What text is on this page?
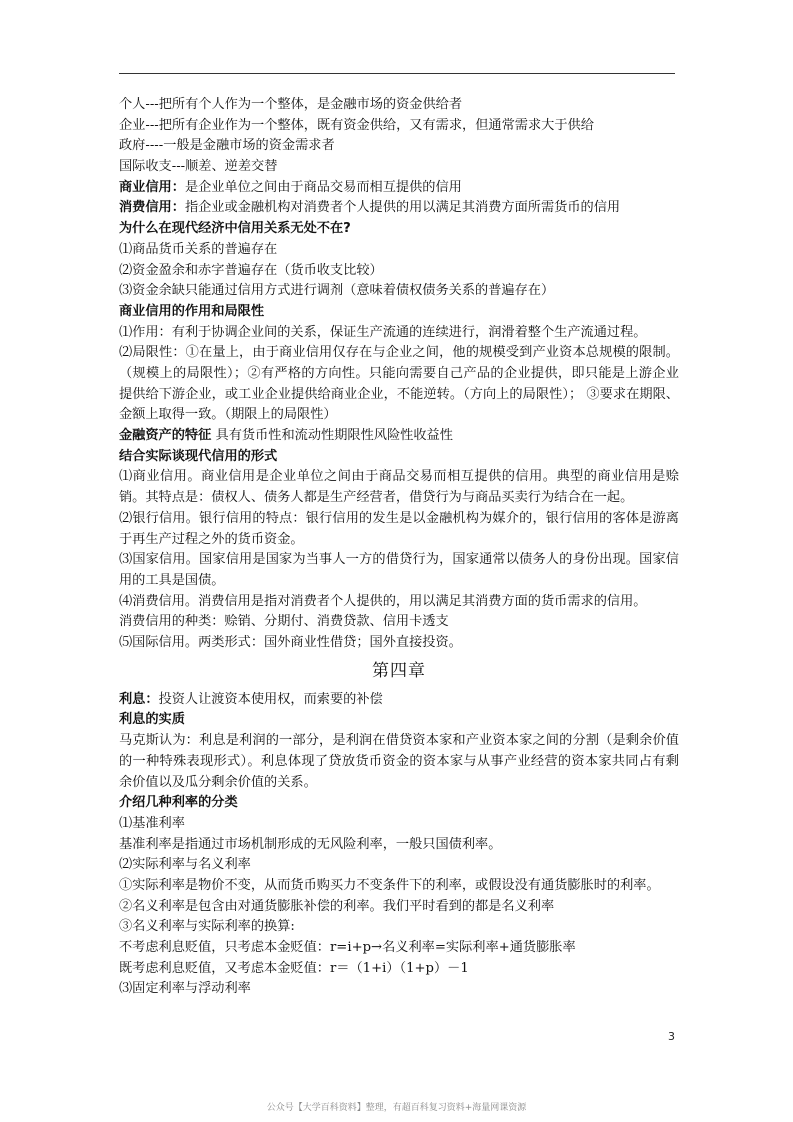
个人---把所有个人作为一个整体，是金融市场的资金供给者
企业---把所有企业作为一个整体，既有资金供给，又有需求，但通常需求大于供给
政府----一般是金融市场的资金需求者
国际收支---顺差、逆差交替
商业信用：是企业单位之间由于商品交易而相互提供的信用
消费信用：指企业或金融机构对消费者个人提供的用以满足其消费方面所需货币的信用
为什么在现代经济中信用关系无处不在?
⑴商品货币关系的普遍存在
⑵资金盈余和赤字普遍存在（货币收支比较）
⑶资金余缺只能通过信用方式进行调剂（意味着债权债务关系的普遍存在）
商业信用的作用和局限性
⑴作用：有利于协调企业间的关系，保证生产流通的连续进行，润滑着整个生产流通过程。
⑵局限性：①在量上，由于商业信用仅存在与企业之间，他的规模受到产业资本总规模的限制。（规模上的局限性）；②有严格的方向性。只能向需要自己产品的企业提供，即只能是上游企业提供给下游企业，或工业企业提供给商业企业，不能逆转。（方向上的局限性）； ③要求在期限、金额上取得一致。（期限上的局限性）
金融资产的特征 具有货币性和流动性期限性风险性收益性
结合实际谈现代信用的形式
⑴商业信用。商业信用是企业单位之间由于商品交易而相互提供的信用。典型的商业信用是赊销。其特点是：债权人、债务人都是生产经营者，借贷行为与商品买卖行为结合在一起。
⑵银行信用。银行信用的特点：银行信用的发生是以金融机构为媒介的，银行信用的客体是游离于再生产过程之外的货币资金。
⑶国家信用。国家信用是国家为当事人一方的借贷行为，国家通常以债务人的身份出现。国家信用的工具是国债。
⑷消费信用。消费信用是指对消费者个人提供的，用以满足其消费方面的货币需求的信用。
消费信用的种类：赊销、分期付、消费贷款、信用卡透支
⑸国际信用。两类形式：国外商业性借贷；国外直接投资。
第四章
利息：投资人让渡资本使用权，而索要的补偿
利息的实质
马克斯认为：利息是利润的一部分，是利润在借贷资本家和产业资本家之间的分割（是剩余价值的一种特殊表现形式）。利息体现了贷放货币资金的资本家与从事产业经营的资本家共同占有剩余价值以及瓜分剩余价值的关系。
介绍几种利率的分类
⑴基准利率
基准利率是指通过市场机制形成的无风险利率，一般只国债利率。
⑵实际利率与名义利率
①实际利率是物价不变，从而货币购买力不变条件下的利率，或假设没有通货膨胀时的利率。
②名义利率是包含由对通货膨胀补偿的利率。我们平时看到的都是名义利率
③名义利率与实际利率的换算:
不考虑利息贬值，只考虑本金贬值：r=i+p→名义利率=实际利率+通货膨胀率
既考虑利息贬值，又考虑本金贬值：r＝（1+i）（1+p）－1
⑶固定利率与浮动利率
3
公众号【大学百科资料】整理，有超百科复习资料+海量网课资源
